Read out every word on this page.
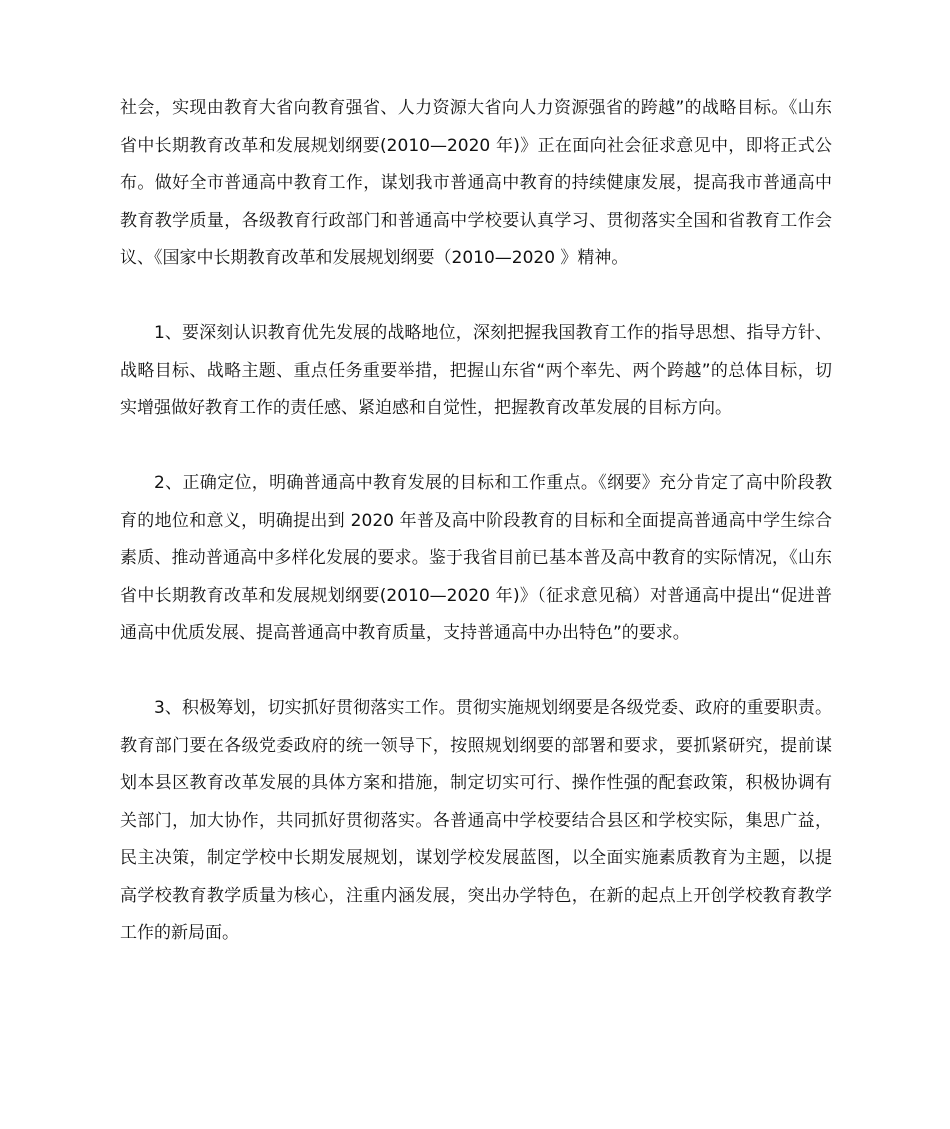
社会，实现由教育大省向教育强省、人力资源大省向人力资源强省的跨越”的战略目标。《山东省中长期教育改革和发展规划纲要(2010—2020 年)》正在面向社会征求意见中，即将正式公布。做好全市普通高中教育工作，谋划我市普通高中教育的持续健康发展，提高我市普通高中教育教学质量，各级教育行政部门和普通高中学校要认真学习、贯彻落实全国和省教育工作会议、《国家中长期教育改革和发展规划纲要（2010—2020 》精神。

1、要深刻认识教育优先发展的战略地位，深刻把握我国教育工作的指导思想、指导方针、战略目标、战略主题、重点任务重要举措，把握山东省“两个率先、两个跨越”的总体目标，切实增强做好教育工作的责任感、紧迫感和自觉性，把握教育改革发展的目标方向。

2、正确定位，明确普通高中教育发展的目标和工作重点。《纲要》充分肯定了高中阶段教育的地位和意义，明确提出到 2020 年普及高中阶段教育的目标和全面提高普通高中学生综合素质、推动普通高中多样化发展的要求。鉴于我省目前已基本普及高中教育的实际情况，《山东省中长期教育改革和发展规划纲要(2010—2020 年)》（征求意见稿）对普通高中提出“促进普通高中优质发展、提高普通高中教育质量，支持普通高中办出特色”的要求。

3、积极筹划，切实抓好贯彻落实工作。贯彻实施规划纲要是各级党委、政府的重要职责。教育部门要在各级党委政府的统一领导下，按照规划纲要的部署和要求，要抓紧研究，提前谋划本县区教育改革发展的具体方案和措施，制定切实可行、操作性强的配套政策，积极协调有关部门，加大协作，共同抓好贯彻落实。各普通高中学校要结合县区和学校实际，集思广益，民主决策，制定学校中长期发展规划，谋划学校发展蓝图，以全面实施素质教育为主题，以提高学校教育教学质量为核心，注重内涵发展，突出办学特色，在新的起点上开创学校教育教学工作的新局面。
